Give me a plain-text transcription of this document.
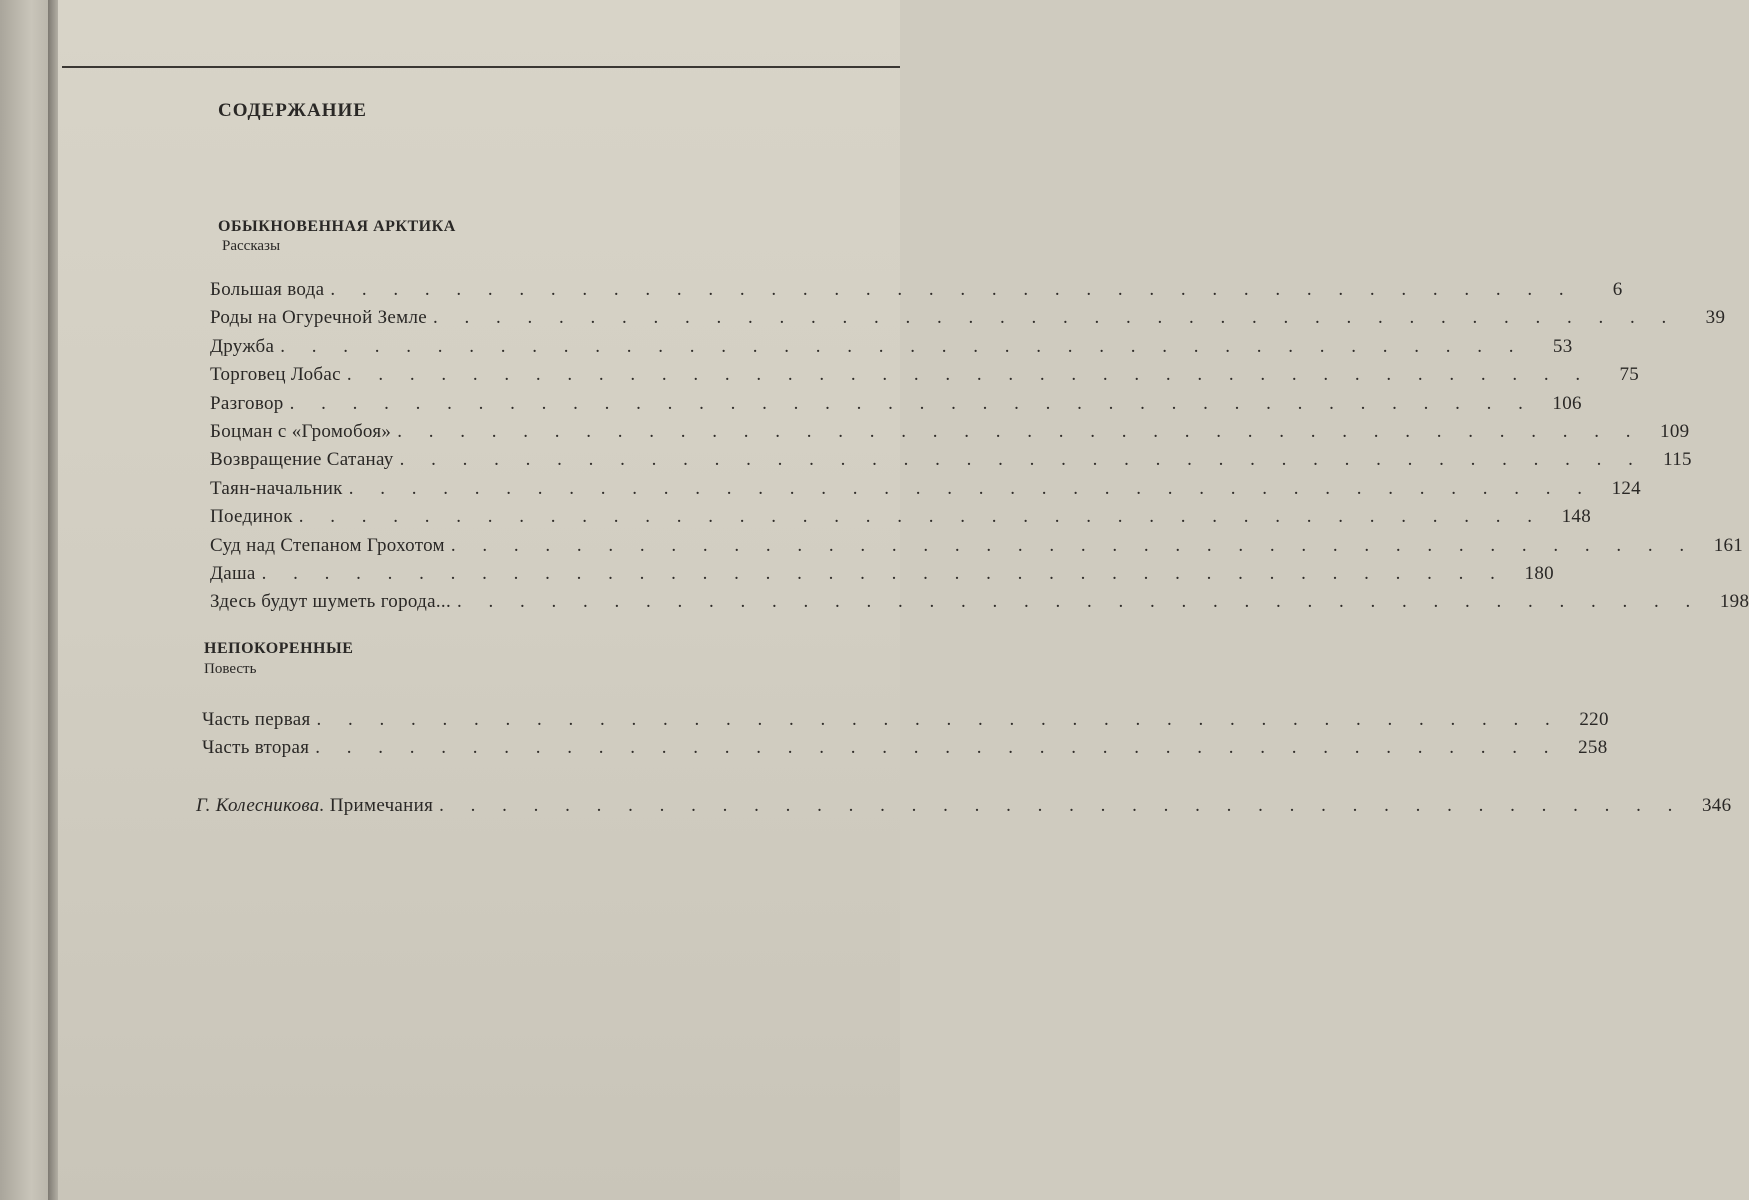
СОДЕРЖАНИЕ
ОБЫКНОВЕННАЯ АРКТИКА
Рассказы
Большая вода . . . . . . . . . . . . . . . . . . . . . . . . . . . . . . . . . . . . . . . .	6
Роды на Огуречной Земле . . . . . . . . . . . . . . . . . . . . . . . . . . . . . . . . . . . . . . . .	39
Дружба . . . . . . . . . . . . . . . . . . . . . . . . . . . . . . . . . . . . . . . .	53
Торговец Лобас . . . . . . . . . . . . . . . . . . . . . . . . . . . . . . . . . . . . . . . .	75
Разговор . . . . . . . . . . . . . . . . . . . . . . . . . . . . . . . . . . . . . . . . 106
Боцман с «Громобоя» . . . . . . . . . . . . . . . . . . . . . . . . . . . . . . . . . . . . . . . . 109
Возвращение Сатанау . . . . . . . . . . . . . . . . . . . . . . . . . . . . . . . . . . . . . . . .	115
Таян-начальник . . . . . . . . . . . . . . . . . . . . . . . . . . . . . . . . . . . . . . . . 124
Поединок . . . . . . . . . . . . . . . . . . . . . . . . . . . . . . . . . . . . . . . . 148
Суд над Степаном Грохотом . . . . . . . . . . . . . . . . . . . . . . . . . . . . . . . . . . . . . . . . 161
Даша . . . . . . . . . . . . . . . . . . . . . . . . . . . . . . . . . . . . . . . . 180
Здесь будут шуметь города... . . . . . . . . . . . . . . . . . . . . . . . . . . . . . . . . . . . . . . . . 198
НЕПОКОРЕННЫЕ
Повесть
Часть первая . . . . . . . . . . . . . . . . . . . . . . . . . . . . . . . . . . . . . . . . 220
Часть вторая . . . . . . . . . . . . . . . . . . . . . . . . . . . . . . . . . . . . . . . . 258
Г. Колесникова. Примечания . . . . . . . . . . . . . . . . . . . . . . . . . . . . . . . . . . . . . . . . 346
